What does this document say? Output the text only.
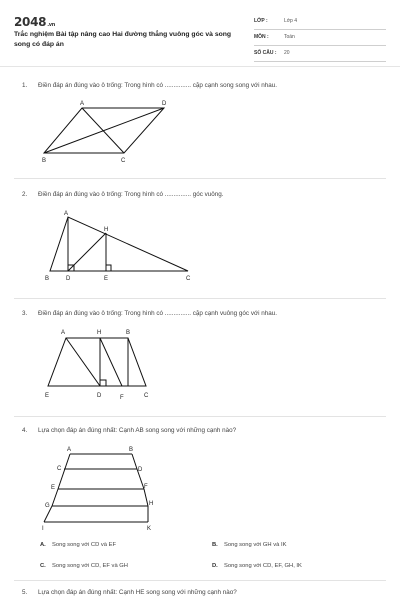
2048.vn
Trắc nghiệm Bài tập nâng cao Hai đường thẳng vuông góc và song song có đáp án
LỚP :	Lớp 4
MÔN :	Toán
SỐ CÂU : 20
1. Điền đáp án đúng vào ô trống: Trong hình có ............... cặp cạnh song song với nhau.
A	D
B	C
2. Điền đáp án đúng vào ô trống: Trong hình có ............... góc vuông.
A
H
B	D	E	C
3. Điền đáp án đúng vào ô trống: Trong hình có ............... cặp cạnh vuông góc với nhau.
A	H	B
E	D	F	C
4. Lựa chọn đáp án đúng nhất: Cạnh AB song song với những cạnh nào?
A	B
C	D
E	F
G	H
I	K
A. Song song với CD và EF	B. Song song với GH và IK
C. Song song với CD, EF và GH	D. Song song với CD, EF, GH, IK
5. Lựa chọn đáp án đúng nhất: Cạnh HE song song với những cạnh nào?
